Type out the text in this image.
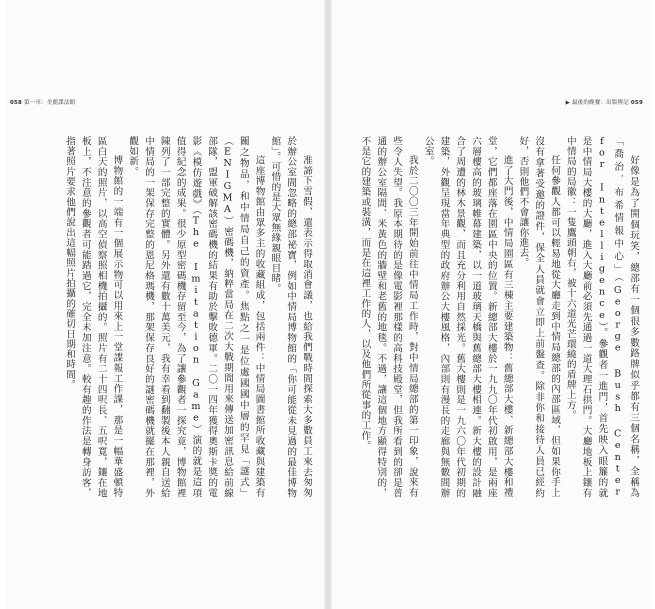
058 第一章：美麗諜法館

准諦下雪假，還表示得取消會議，也給我們戰時間探索大多數員工來去匆匆於辦公室間忽略的總部祕寶，例如中情局博物館的「你可能從未見過的最佳博物館」。可惜的是大眾無緣親眼目睹。

這座博物館由眾多主的收藏組成，包括兩件：中情局圖書館所收藏與建築有關之物品，和中情局自己的資產。焦點之一是位處國國中層的罕見「謎式」（ENIGMA）密碼機，納粹當局在二次大戰期間用來傳送加密訊息給前線部隊，盟軍破解該密碼機的結果有助於擊敗德軍。二〇一四年獲得奧斯卡獎的電影《模仿遊戲》（The Imitation Game）演的就是這項值得紀念的成果。很少原型密碼機存留至今，為了讓參觀者一探究竟，博物館裡陳列了一部完整的實體。另外還有數十萬美元，我有幸看到翻製後本人親自送給中情局的一架保存完整的恩尼格瑪機，那架保存良好的謎密碼機就擺在那裡，外觀如新。

博物館的一端有一個展示物可以用來上一堂諜報工作課，那是一幅華盛頓特區白天的照片，以高空偵察照相機拍攝的。照片有二十四呎長、五呎寬，鑲在地板上，不注意的參觀者可能踏過它，完全未加注意。較有趣的作法是轉身訪客，指著照片要求他們說出這幅照片拍攝的確切日期和時間。

▶ 最後的晚餐：出版傳記 059

好像是為了開個玩笑，總部有一個很多數路牌似乎都有三個名稱，全稱為「喬治．布希情報中心」（George Bush Center for Intelligence）。參觀者一進門，首先映入眼簾的就是中情局大樓的大廳，進入大廳前必須先通過一道大理石拱門。大廳地板上鑲有中情局的局徽：一隻鷹頭朝右，被十六道光芒環繞的盾牌上方。

任何參觀人都可以輕易地從大廳走到中情局總部的內部區域，但如果你手上沒有拿著受邀的證件，保全人員就會立即上前盤查。除非你和接待人員已經約好，否則他們不會讓你進去。

進了大門後，中情局園區有三棟主要建築物：舊總部大樓、新總部大樓和禮堂，它們都座落在園區中央的位置。新總部大樓於一九九〇年代初啟用，是兩座六層樓高的玻璃帷幕建築，以一道玻璃天橋與舊總部大樓相連。新大樓的設計融合了周遭的林木景觀，而且充分利用自然採光。舊大樓則是一九六〇年代初期的建築，外觀呈現當年典型的政府辦公大樓風格，內部則有漫長的走廊與無數間辦公室。

我於二〇〇三年開始前往中情局工作時，對中情局總部的第一印象，說來有些令人失望。我原本期待的是像電影裡那樣的高科技殿堂，但我所看到的卻是普通的辦公室隔間、米黃色的牆壁和老舊的地毯。不過，讓這個地方顯得特別的，不是它的建築或裝潢，而是在這裡工作的人，以及他們所從事的工作。
